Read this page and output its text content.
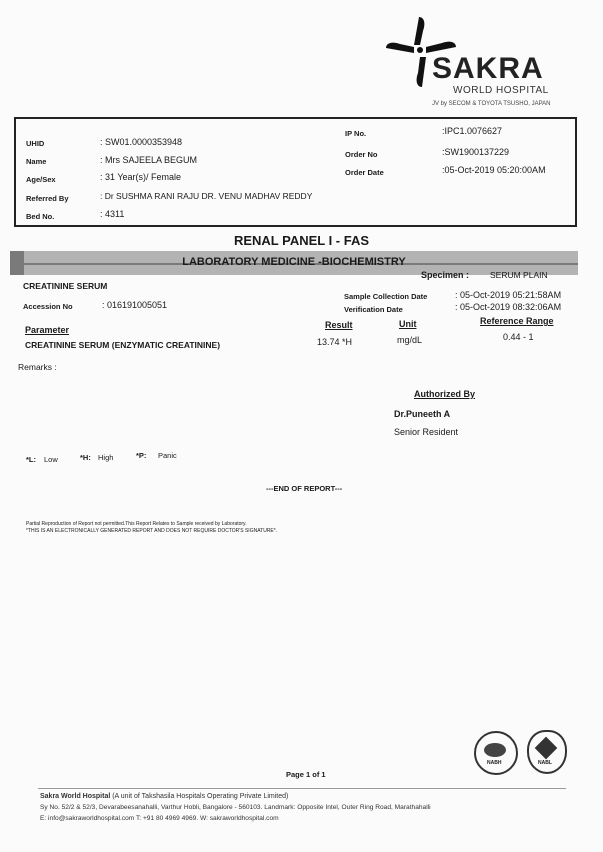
SAKRA
WORLD HOSPITAL
JV by SECOM & TOYOTA TSUSHO, JAPAN
UHID	: SW01.0000353948
Name	: Mrs SAJEELA BEGUM
Age/Sex	: 31 Year(s)/ Female
Referred By	: Dr SUSHMA RANI RAJU DR. VENU MADHAV REDDY
Bed No.	: 4311
IP No.	:IPC1.0076627
Order No	:SW1900137229
Order Date	:05-Oct-2019 05:20:00AM
RENAL PANEL I - FAS
LABORATORY MEDICINE -BIOCHEMISTRY
Specimen : SERUM PLAIN
CREATININE SERUM
Sample Collection Date	: 05-Oct-2019 05:21:58AM
Accession No	: 016191005051	Verification Date	: 05-Oct-2019 08:32:06AM
Parameter	Result	Unit	Reference Range
CREATININE SERUM (ENZYMATIC CREATININE)	13.74 *H	mg/dL	0.44 - 1
Remarks :
Authorized By
Dr.Puneeth A
Senior Resident
*L: Low	*H: High	*P: Panic
---END OF REPORT---
Partial Reproduction of Report not permitted.This Report Relates to Sample received by Laboratory.
*THIS IS AN ELECTRONICALLY GENERATED REPORT AND DOES NOT REQUIRE DOCTOR'S SIGNATURE*.
NABH	NABL
Page 1 of 1
Sakra World Hospital (A unit of Takshasila Hospitals Operating Private Limited)
Sy No. 52/2 & 52/3, Devarabeesanahalli, Varthur Hobli, Bangalore - 560103. Landmark: Opposite Intel, Outer Ring Road, Marathahalli
E: info@sakraworldhospital.com T: +91 80 4969 4969. W: sakraworldhospital.com
